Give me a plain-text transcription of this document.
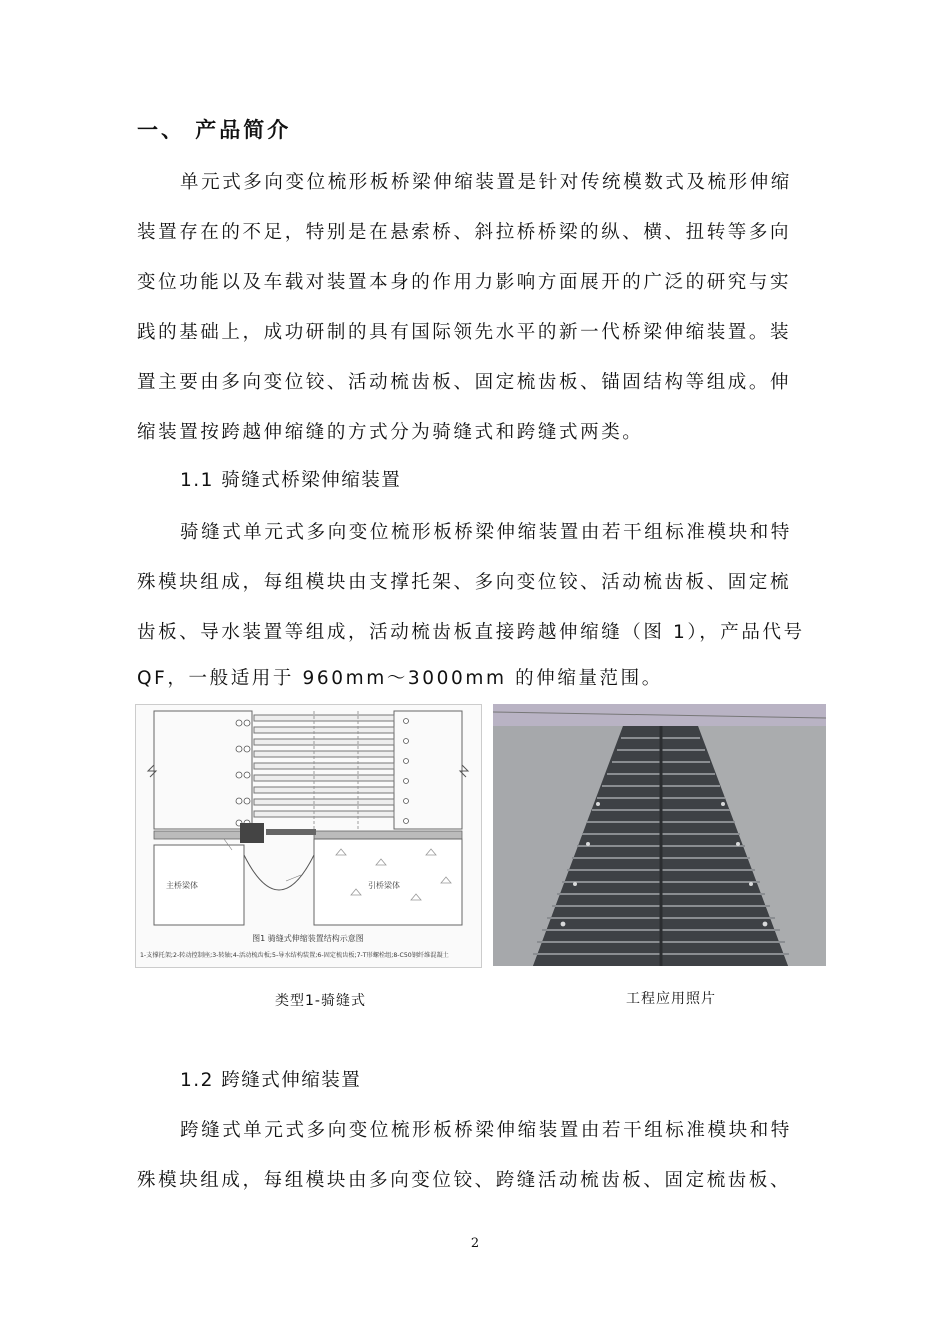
一、 产品简介

单元式多向变位梳形板桥梁伸缩装置是针对传统模数式及梳形伸缩

装置存在的不足，特别是在悬索桥、斜拉桥桥梁的纵、横、扭转等多向

变位功能以及车载对装置本身的作用力影响方面展开的广泛的研究与实

践的基础上，成功研制的具有国际领先水平的新一代桥梁伸缩装置。装

置主要由多向变位铰、活动梳齿板、固定梳齿板、锚固结构等组成。伸

缩装置按跨越伸缩缝的方式分为骑缝式和跨缝式两类。

1.1 骑缝式桥梁伸缩装置

骑缝式单元式多向变位梳形板桥梁伸缩装置由若干组标准模块和特

殊模块组成，每组模块由支撑托架、多向变位铰、活动梳齿板、固定梳

齿板、导水装置等组成，活动梳齿板直接跨越伸缩缝（图 1），产品代号

QF，一般适用于 960mm～3000mm 的伸缩量范围。

主桥梁体	引桥梁体
图1 骑缝式伸缩装置结构示意图
1-支撑托架;2-转动控制座;3-转轴;4-活动梳齿板;5-导水结构装置;6-固定梳齿板;7-T形螺栓组;8-C50钢纤维混凝土
类型1-骑缝式	工程应用照片
1.2 跨缝式伸缩装置

跨缝式单元式多向变位梳形板桥梁伸缩装置由若干组标准模块和特

殊模块组成，每组模块由多向变位铰、跨缝活动梳齿板、固定梳齿板、

2
